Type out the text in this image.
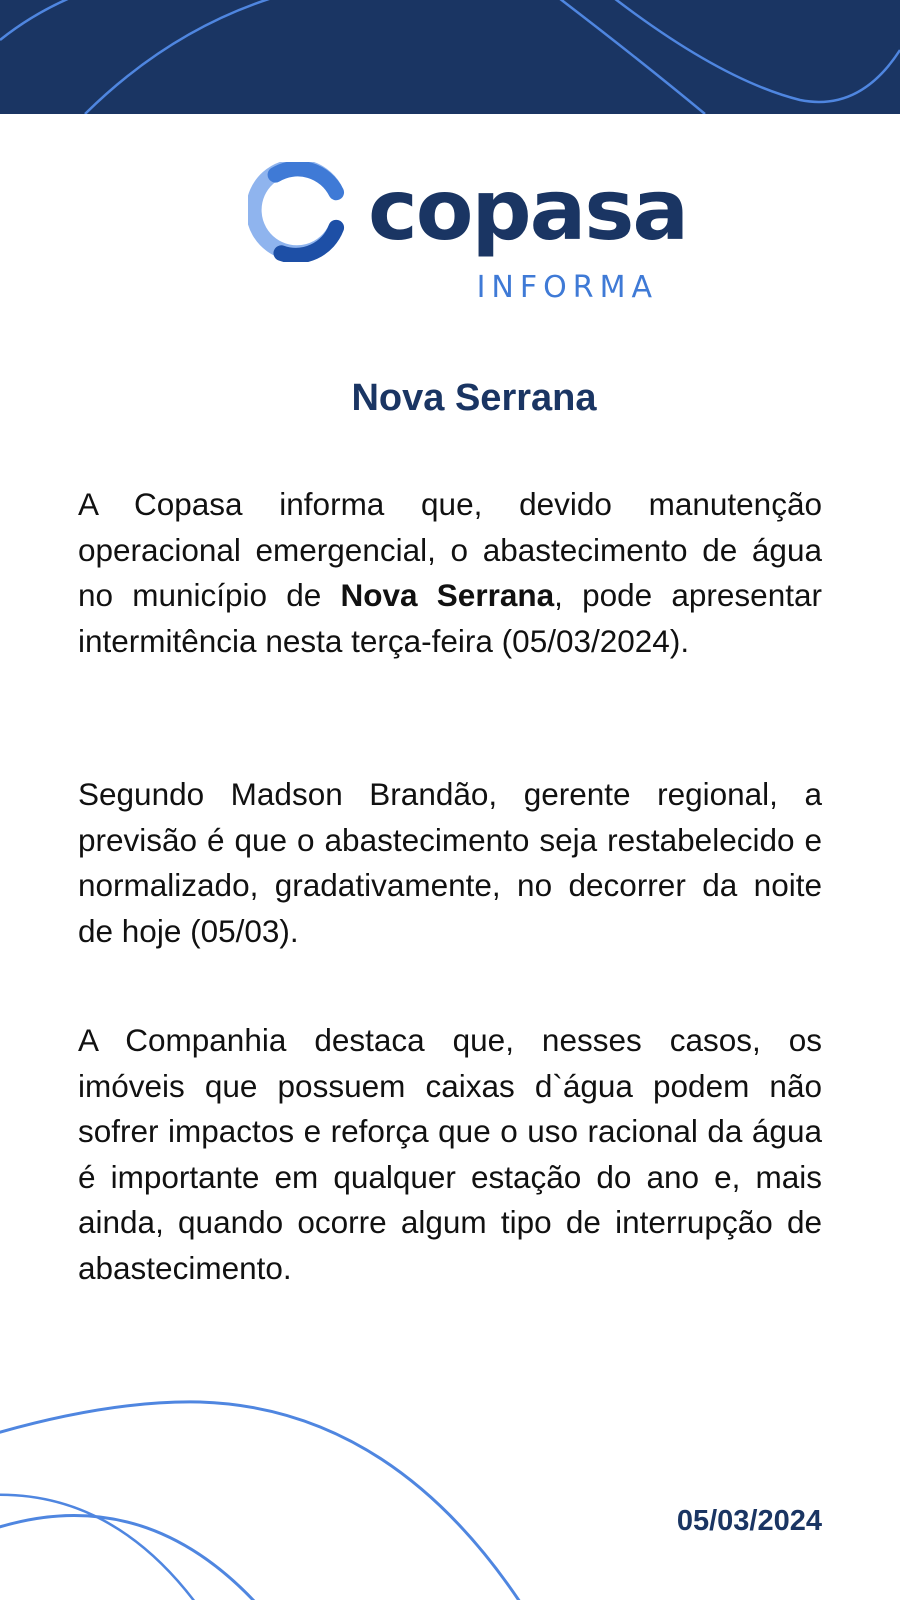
copasa
INFORMA
Nova Serrana

A Copasa informa que, devido manutenção operacional emergencial, o abastecimento de água no município de Nova Serrana, pode apresentar intermitência nesta terça-feira (05/03/2024).

Segundo Madson Brandão, gerente regional, a previsão é que o abastecimento seja restabelecido e normalizado, gradativamente, no decorrer da noite de hoje (05/03).

A Companhia destaca que, nesses casos, os imóveis que possuem caixas d`água podem não sofrer impactos e reforça que o uso racional da água é importante em qualquer estação do ano e, mais ainda, quando ocorre algum tipo de interrupção de abastecimento.

05/03/2024
